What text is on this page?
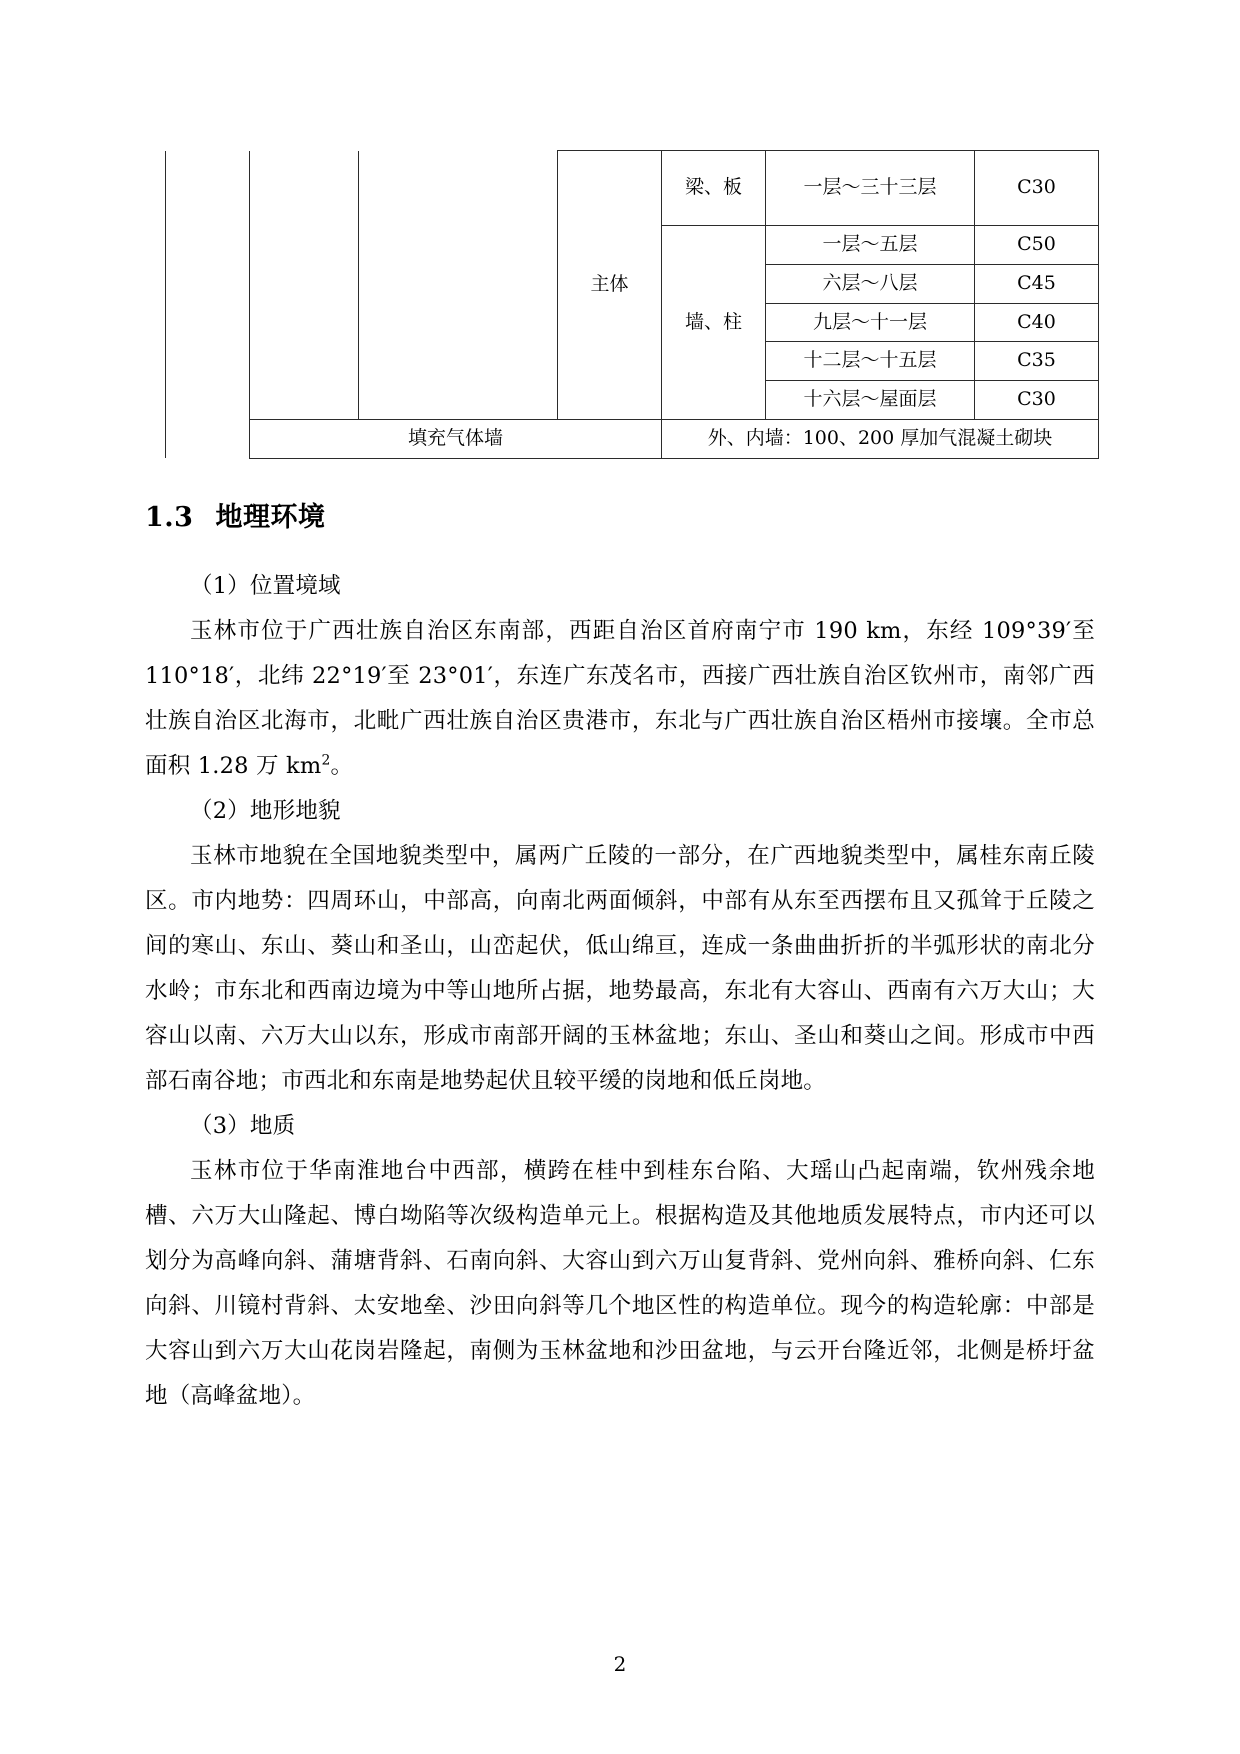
			主体	梁、板	一层～三十三层	C30
				墙、柱	一层～五层	C50
					六层～八层	C45
					九层～十一层	C40
					十二层～十五层	C35
					十六层～屋面层	C30
	填充气体墙			外、内墙：100、200 厚加气混凝土砌块		
1.3 地理环境

（1）位置境域

玉林市位于广西壮族自治区东南部，西距自治区首府南宁市 190 km，东经 109°39′至 110°18′，北纬 22°19′至 23°01′，东连广东茂名市，西接广西壮族自治区钦州市，南邻广西壮族自治区北海市，北毗广西壮族自治区贵港市，东北与广西壮族自治区梧州市接壤。全市总面积 1.28 万 $km^2$。

（2）地形地貌

玉林市地貌在全国地貌类型中，属两广丘陵的一部分，在广西地貌类型中，属桂东南丘陵区。市内地势：四周环山，中部高，向南北两面倾斜，中部有从东至西摆布且又孤耸于丘陵之间的寒山、东山、葵山和圣山，山峦起伏，低山绵亘，连成一条曲曲折折的半弧形状的南北分水岭；市东北和西南边境为中等山地所占据，地势最高，东北有大容山、西南有六万大山；大容山以南、六万大山以东，形成市南部开阔的玉林盆地；东山、圣山和葵山之间。形成市中西部石南谷地；市西北和东南是地势起伏且较平缓的岗地和低丘岗地。

（3）地质

玉林市位于华南淮地台中西部，横跨在桂中到桂东台陷、大瑶山凸起南端，钦州残余地槽、六万大山隆起、博白坳陷等次级构造单元上。根据构造及其他地质发展特点，市内还可以划分为高峰向斜、蒲塘背斜、石南向斜、大容山到六万山复背斜、党州向斜、雅桥向斜、仁东向斜、川镜村背斜、太安地垒、沙田向斜等几个地区性的构造单位。现今的构造轮廓：中部是大容山到六万大山花岗岩隆起，南侧为玉林盆地和沙田盆地，与云开台隆近邻，北侧是桥圩盆地（高峰盆地）。

2
